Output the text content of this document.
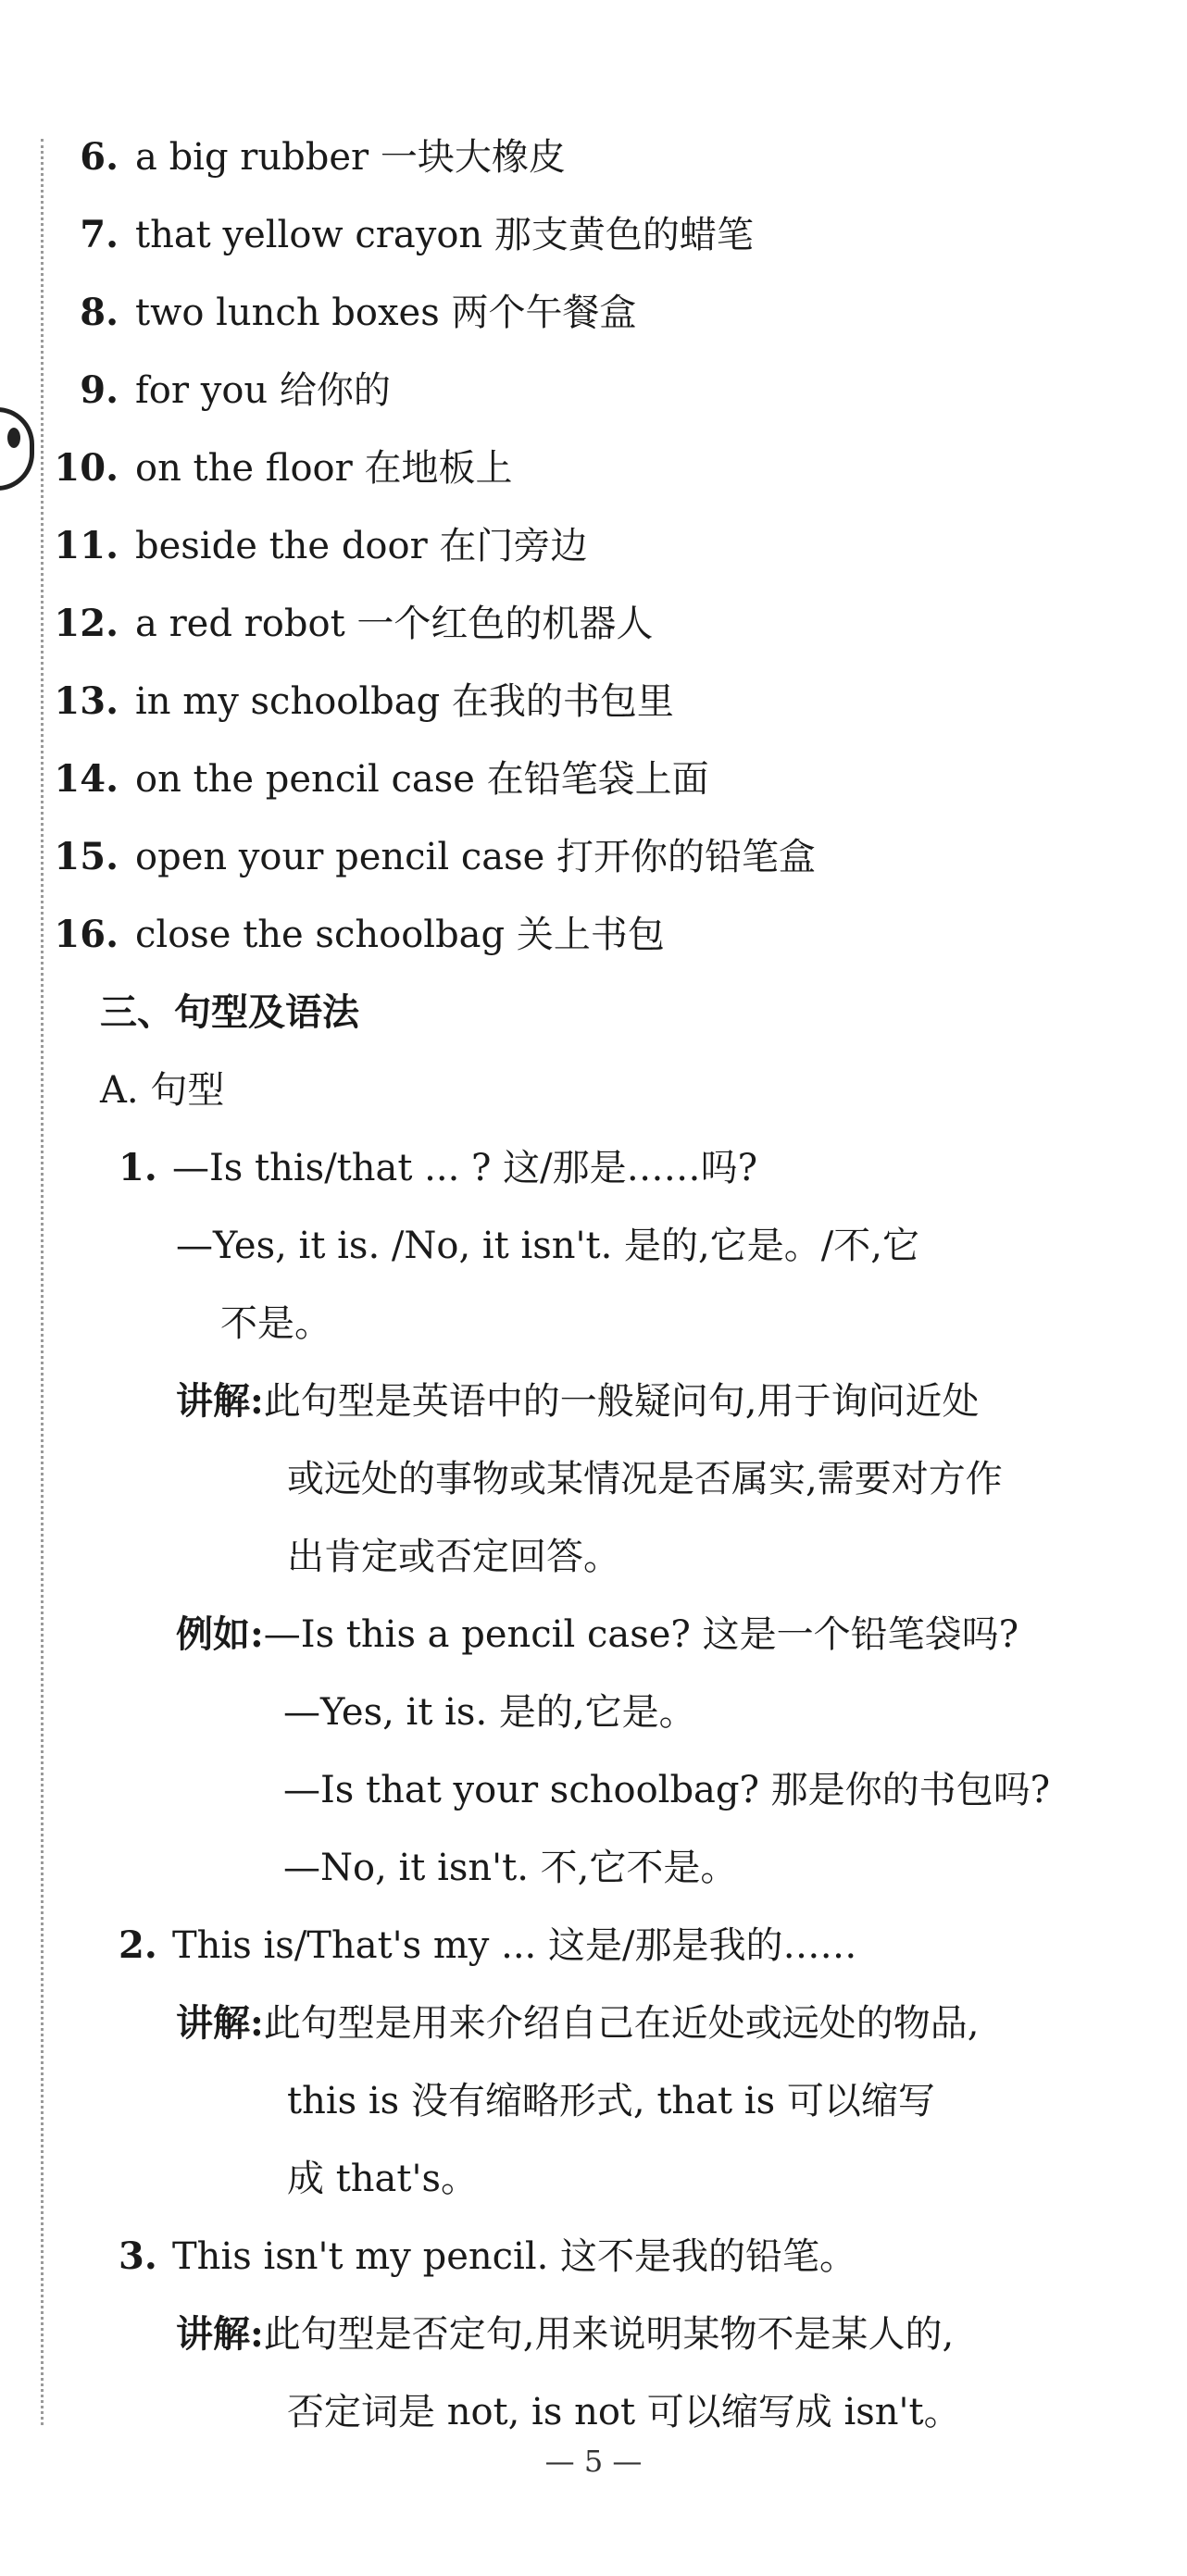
6. a big rubber 一块大橡皮
7. that yellow crayon 那支黄色的蜡笔
8. two lunch boxes 两个午餐盒
9. for you 给你的
10. on the floor 在地板上
11. beside the door 在门旁边
12. a red robot 一个红色的机器人
13. in my schoolbag 在我的书包里
14. on the pencil case 在铅笔袋上面
15. open your pencil case 打开你的铅笔盒
16. close the schoolbag 关上书包
三、句型及语法
A. 句型
1. —Is this/that ... ? 这/那是……吗?
—Yes, it is. /No, it isn't. 是的,它是。/不,它
不是。
讲解:此句型是英语中的一般疑问句,用于询问近处
或远处的事物或某情况是否属实,需要对方作
出肯定或否定回答。
例如:—Is this a pencil case? 这是一个铅笔袋吗?
—Yes, it is. 是的,它是。
—Is that your schoolbag? 那是你的书包吗?
—No, it isn't. 不,它不是。
2. This is/That's my ... 这是/那是我的……
讲解:此句型是用来介绍自己在近处或远处的物品,
this is 没有缩略形式, that is 可以缩写
成 that's。
3. This isn't my pencil. 这不是我的铅笔。
讲解:此句型是否定句,用来说明某物不是某人的,
否定词是 not, is not 可以缩写成 isn't。
— 5 —
